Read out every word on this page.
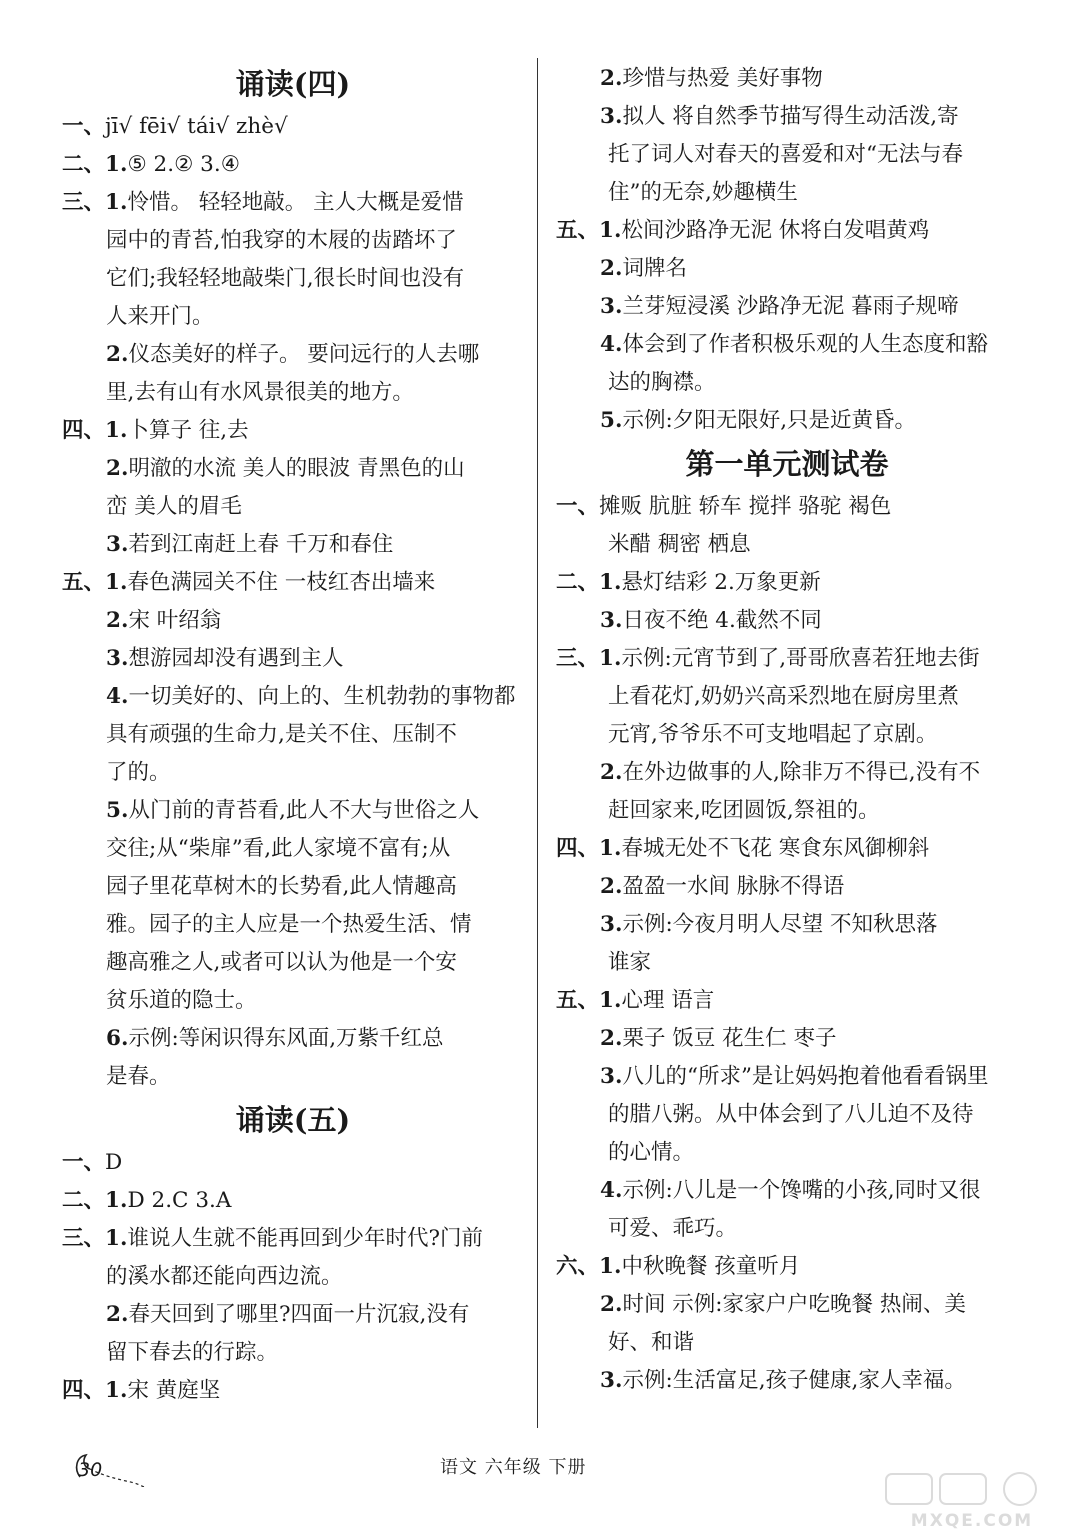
诵读(四)
一、jī√ fēi√ tái√ zhè√
二、1.⑤ 2.② 3.④
三、1.怜惜。 轻轻地敲。 主人大概是爱惜
园中的青苔,怕我穿的木屐的齿踏坏了
它们;我轻轻地敲柴门,很长时间也没有
人来开门。
2.仪态美好的样子。 要问远行的人去哪
里,去有山有水风景很美的地方。
四、1.卜算子 往,去
2.明澈的水流 美人的眼波 青黑色的山
峦 美人的眉毛
3.若到江南赶上春 千万和春住
五、1.春色满园关不住 一枝红杏出墙来
2.宋 叶绍翁
3.想游园却没有遇到主人
4.一切美好的、向上的、生机勃勃的事物都
具有顽强的生命力,是关不住、压制不
了的。
5.从门前的青苔看,此人不大与世俗之人
交往;从“柴扉”看,此人家境不富有;从
园子里花草树木的长势看,此人情趣高
雅。园子的主人应是一个热爱生活、情
趣高雅之人,或者可以认为他是一个安
贫乐道的隐士。
6.示例:等闲识得东风面,万紫千红总
是春。
诵读(五)
一、D
二、1.D 2.C 3.A
三、1.谁说人生就不能再回到少年时代?门前
的溪水都还能向西边流。
2.春天回到了哪里?四面一片沉寂,没有
留下春去的行踪。
四、1.宋 黄庭坚
2.珍惜与热爱 美好事物
3.拟人 将自然季节描写得生动活泼,寄
托了词人对春天的喜爱和对“无法与春
住”的无奈,妙趣横生
五、1.松间沙路净无泥 休将白发唱黄鸡
2.词牌名
3.兰芽短浸溪 沙路净无泥 暮雨子规啼
4.体会到了作者积极乐观的人生态度和豁
达的胸襟。
5.示例:夕阳无限好,只是近黄昏。
第一单元测试卷
一、摊贩 肮脏 轿车 搅拌 骆驼 褐色
米醋 稠密 栖息
二、1.悬灯结彩 2.万象更新
3.日夜不绝 4.截然不同
三、1.示例:元宵节到了,哥哥欣喜若狂地去街
上看花灯,奶奶兴高采烈地在厨房里煮
元宵,爷爷乐不可支地唱起了京剧。
2.在外边做事的人,除非万不得已,没有不
赶回家来,吃团圆饭,祭祖的。
四、1.春城无处不飞花 寒食东风御柳斜
2.盈盈一水间 脉脉不得语
3.示例:今夜月明人尽望 不知秋思落
谁家
五、1.心理 语言
2.栗子 饭豆 花生仁 枣子
3.八儿的“所求”是让妈妈抱着他看看锅里
的腊八粥。从中体会到了八儿迫不及待
的心情。
4.示例:八儿是一个馋嘴的小孩,同时又很
可爱、乖巧。
六、1.中秋晚餐 孩童听月
2.时间 示例:家家户户吃晚餐 热闹、美
好、和谐
3.示例:生活富足,孩子健康,家人幸福。
30	语文 六年级 下册
MXQE.COM
